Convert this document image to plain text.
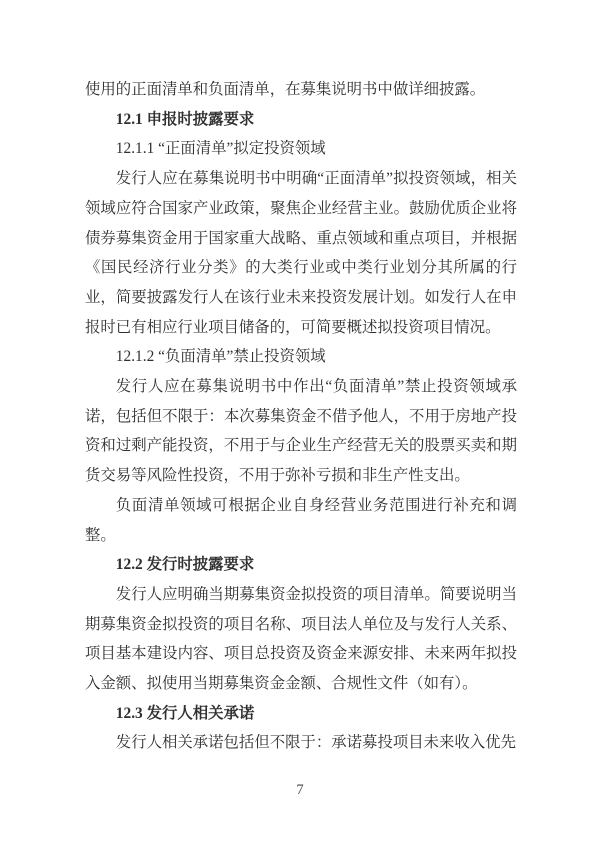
使用的正面清单和负面清单，在募集说明书中做详细披露。

12.1 申报时披露要求

12.1.1 “正面清单”拟定投资领域

发行人应在募集说明书中明确“正面清单”拟投资领域，相关领域应符合国家产业政策，聚焦企业经营主业。鼓励优质企业将债券募集资金用于国家重大战略、重点领域和重点项目，并根据《国民经济行业分类》的大类行业或中类行业划分其所属的行业，简要披露发行人在该行业未来投资发展计划。如发行人在申报时已有相应行业项目储备的，可简要概述拟投资项目情况。

12.1.2 “负面清单”禁止投资领域

发行人应在募集说明书中作出“负面清单”禁止投资领域承诺，包括但不限于：本次募集资金不借予他人，不用于房地产投资和过剩产能投资，不用于与企业生产经营无关的股票买卖和期货交易等风险性投资，不用于弥补亏损和非生产性支出。

负面清单领域可根据企业自身经营业务范围进行补充和调整。

12.2 发行时披露要求

发行人应明确当期募集资金拟投资的项目清单。简要说明当期募集资金拟投资的项目名称、项目法人单位及与发行人关系、项目基本建设内容、项目总投资及资金来源安排、未来两年拟投入金额、拟使用当期募集资金金额、合规性文件（如有）。

12.3 发行人相关承诺

发行人相关承诺包括但不限于：承诺募投项目未来收入优先

7
